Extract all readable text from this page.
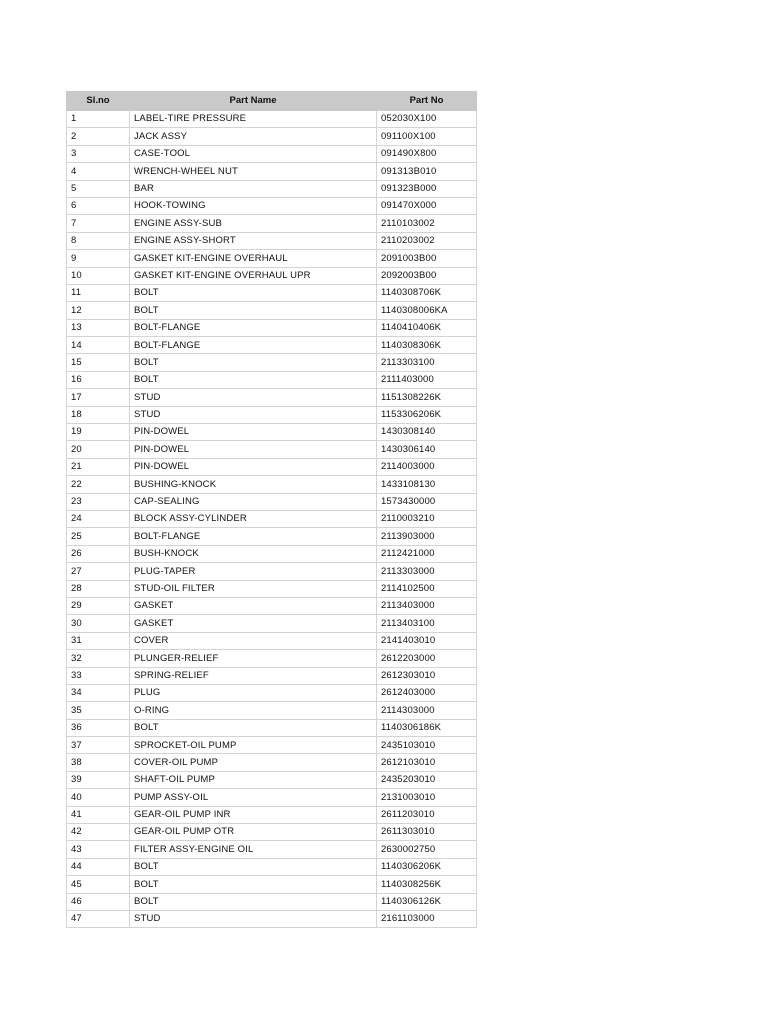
Sl.no	Part Name	Part No
1	LABEL-TIRE PRESSURE	052030X100
2	JACK ASSY	091100X100
3	CASE-TOOL	091490X800
4	WRENCH-WHEEL NUT	091313B010
5	BAR	091323B000
6	HOOK-TOWING	091470X000
7	ENGINE ASSY-SUB	2110103002
8	ENGINE ASSY-SHORT	2110203002
9	GASKET KIT-ENGINE OVERHAUL	2091003B00
10	GASKET KIT-ENGINE OVERHAUL UPR	2092003B00
11	BOLT	1140308706K
12	BOLT	1140308006KA
13	BOLT-FLANGE	1140410406K
14	BOLT-FLANGE	1140308306K
15	BOLT	2113303100
16	BOLT	2111403000
17	STUD	1151308226K
18	STUD	1153306206K
19	PIN-DOWEL	1430308140
20	PIN-DOWEL	1430306140
21	PIN-DOWEL	2114003000
22	BUSHING-KNOCK	1433108130
23	CAP-SEALING	1573430000
24	BLOCK ASSY-CYLINDER	2110003210
25	BOLT-FLANGE	2113903000
26	BUSH-KNOCK	2112421000
27	PLUG-TAPER	2113303000
28	STUD-OIL FILTER	2114102500
29	GASKET	2113403000
30	GASKET	2113403100
31	COVER	2141403010
32	PLUNGER-RELIEF	2612203000
33	SPRING-RELIEF	2612303010
34	PLUG	2612403000
35	O-RING	2114303000
36	BOLT	1140306186K
37	SPROCKET-OIL PUMP	2435103010
38	COVER-OIL PUMP	2612103010
39	SHAFT-OIL PUMP	2435203010
40	PUMP ASSY-OIL	2131003010
41	GEAR-OIL PUMP INR	2611203010
42	GEAR-OIL PUMP OTR	2611303010
43	FILTER ASSY-ENGINE OIL	2630002750
44	BOLT	1140306206K
45	BOLT	1140308256K
46	BOLT	1140306126K
47	STUD	2161103000
